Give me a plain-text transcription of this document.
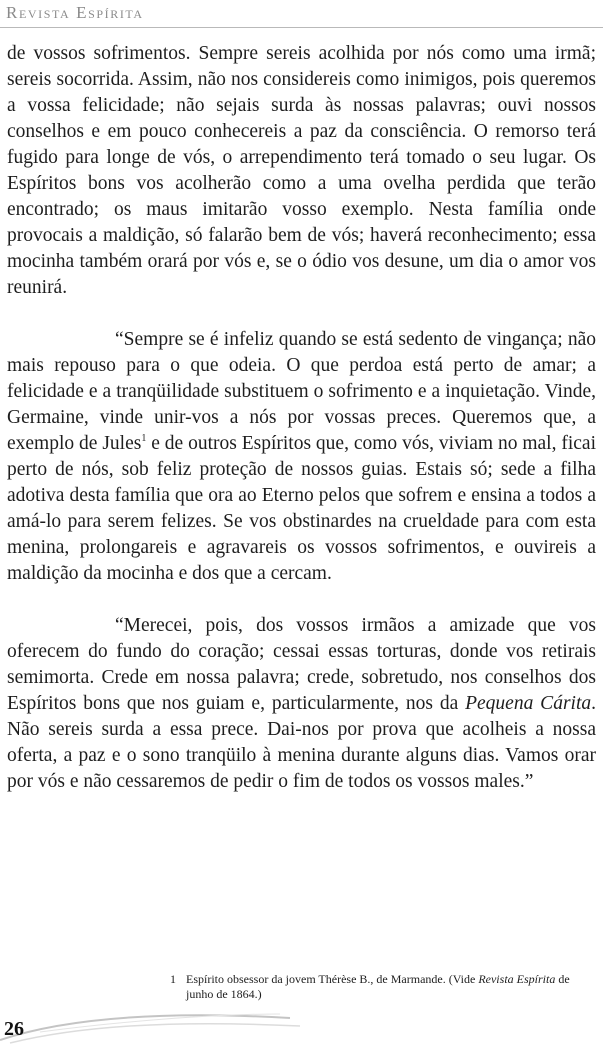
Revista Espírita

de vossos sofrimentos. Sempre sereis acolhida por nós como uma irmã; sereis socorrida. Assim, não nos considereis como inimigos, pois queremos a vossa felicidade; não sejais surda às nossas palavras; ouvi nossos conselhos e em pouco conhecereis a paz da consciência. O remorso terá fugido para longe de vós, o arrependimento terá tomado o seu lugar. Os Espíritos bons vos acolherão como a uma ovelha perdida que terão encontrado; os maus imitarão vosso exemplo. Nesta família onde provocais a maldição, só falarão bem de vós; haverá reconhecimento; essa mocinha também orará por vós e, se o ódio vos desune, um dia o amor vos reunirá.

“Sempre se é infeliz quando se está sedento de vingança; não mais repouso para o que odeia. O que perdoa está perto de amar; a felicidade e a tranqüilidade substituem o sofrimento e a inquietação. Vinde, Germaine, vinde unir-vos a nós por vossas preces. Queremos que, a exemplo de Jules$^1$ e de outros Espíritos que, como vós, viviam no mal, ficai perto de nós, sob feliz proteção de nossos guias. Estais só; sede a filha adotiva desta família que ora ao Eterno pelos que sofrem e ensina a todos a amá-lo para serem felizes. Se vos obstinardes na crueldade para com esta menina, prolongareis e agravareis os vossos sofrimentos, e ouvireis a maldição da mocinha e dos que a cercam.

“Merecei, pois, dos vossos irmãos a amizade que vos oferecem do fundo do coração; cessai essas torturas, donde vos retirais semimorta. Crede em nossa palavra; crede, sobretudo, nos conselhos dos Espíritos bons que nos guiam e, particularmente, nos da Pequena Cárita. Não sereis surda a essa prece. Dai-nos por prova que acolheis a nossa oferta, a paz e o sono tranqüilo à menina durante alguns dias. Vamos orar por vós e não cessaremos de pedir o fim de todos os vossos males.”

1 Espírito obsessor da jovem Thérèse B., de Marmande. (Vide Revista Espírita de junho de 1864.)
26
